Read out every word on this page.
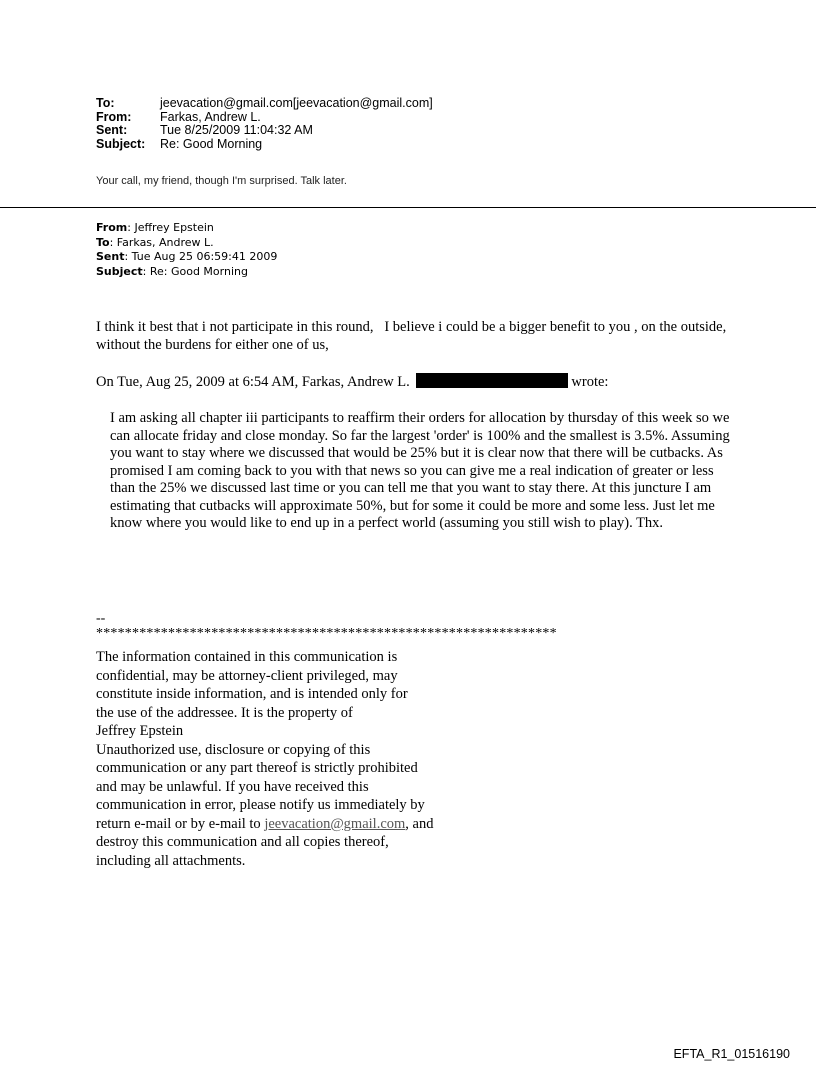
To:	jeevacation@gmail.com[jeevacation@gmail.com]
From:	Farkas, Andrew L.
Sent:	Tue 8/25/2009 11:04:32 AM
Subject:	Re: Good Morning
Your call, my friend, though I'm surprised. Talk later.
From: Jeffrey Epstein
To: Farkas, Andrew L.
Sent: Tue Aug 25 06:59:41 2009
Subject: Re: Good Morning
I think it best that i not participate in this round,   I believe i could be a bigger benefit to you , on the outside, without the burdens for either one of us,
On Tue, Aug 25, 2009 at 6:54 AM, Farkas, Andrew L.	wrote:
I am asking all chapter iii participants to reaffirm their orders for allocation by thursday of this week so we can allocate friday and close monday. So far the largest 'order' is 100% and the smallest is 3.5%. Assuming you want to stay where we discussed that would be 25% but it is clear now that there will be cutbacks. As promised I am coming back to you with that news so you can give me a real indication of greater or less than the 25% we discussed last time or you can tell me that you want to stay there. At this juncture I am estimating that cutbacks will approximate 50%, but for some it could be more and some less. Just let me know where you would like to end up in a perfect world (assuming you still wish to play). Thx.
--
****************************************************************
The information contained in this communication is
confidential, may be attorney-client privileged, may
constitute inside information, and is intended only for
the use of the addressee. It is the property of
Jeffrey Epstein
Unauthorized use, disclosure or copying of this
communication or any part thereof is strictly prohibited
and may be unlawful. If you have received this
communication in error, please notify us immediately by
return e-mail or by e-mail to jeevacation@gmail.com, and
destroy this communication and all copies thereof,
including all attachments.
EFTA_R1_01516190
